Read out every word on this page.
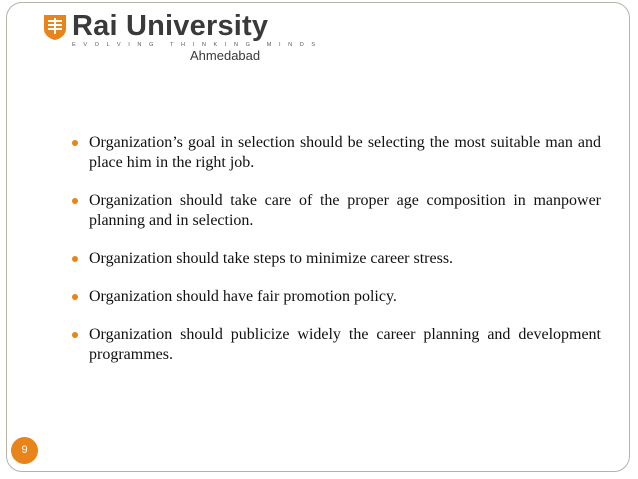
Rai University
EVOLVING THINKING MINDS
Ahmedabad
Organization’s goal in selection should be selecting the most suitable man and place him in the right job.
Organization should take care of the proper age composition in manpower planning and in selection.
Organization should take steps to minimize career stress.
Organization should have fair promotion policy.
Organization should publicize widely the career planning and development programmes.
9
